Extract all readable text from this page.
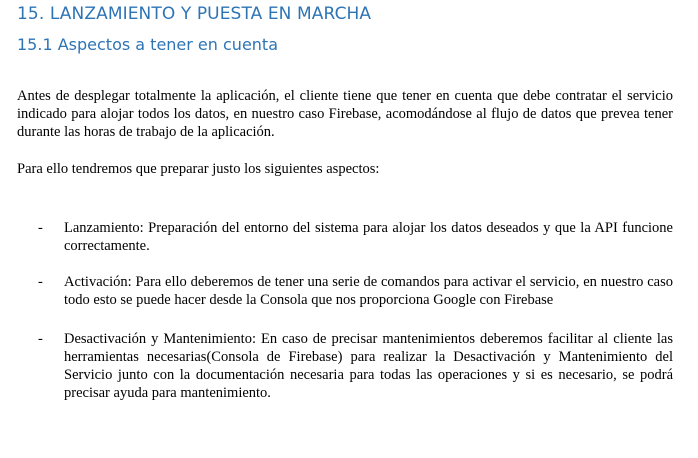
15. LANZAMIENTO Y PUESTA EN MARCHA
15.1 Aspectos a tener en cuenta
Antes de desplegar totalmente la aplicación, el cliente tiene que tener en cuenta que debe contratar el servicio indicado para alojar todos los datos, en nuestro caso Firebase, acomodándose al flujo de datos que prevea tener durante las horas de trabajo de la aplicación.
Para ello tendremos que preparar justo los siguientes aspectos:
- Lanzamiento: Preparación del entorno del sistema para alojar los datos deseados y que la API funcione correctamente.
- Activación: Para ello deberemos de tener una serie de comandos para activar el servicio, en nuestro caso todo esto se puede hacer desde la Consola que nos proporciona Google con Firebase
- Desactivación y Mantenimiento: En caso de precisar mantenimientos deberemos facilitar al cliente las herramientas necesarias(Consola de Firebase) para realizar la Desactivación y Mantenimiento del Servicio junto con la documentación necesaria para todas las operaciones y si es necesario, se podrá precisar ayuda para mantenimiento.
